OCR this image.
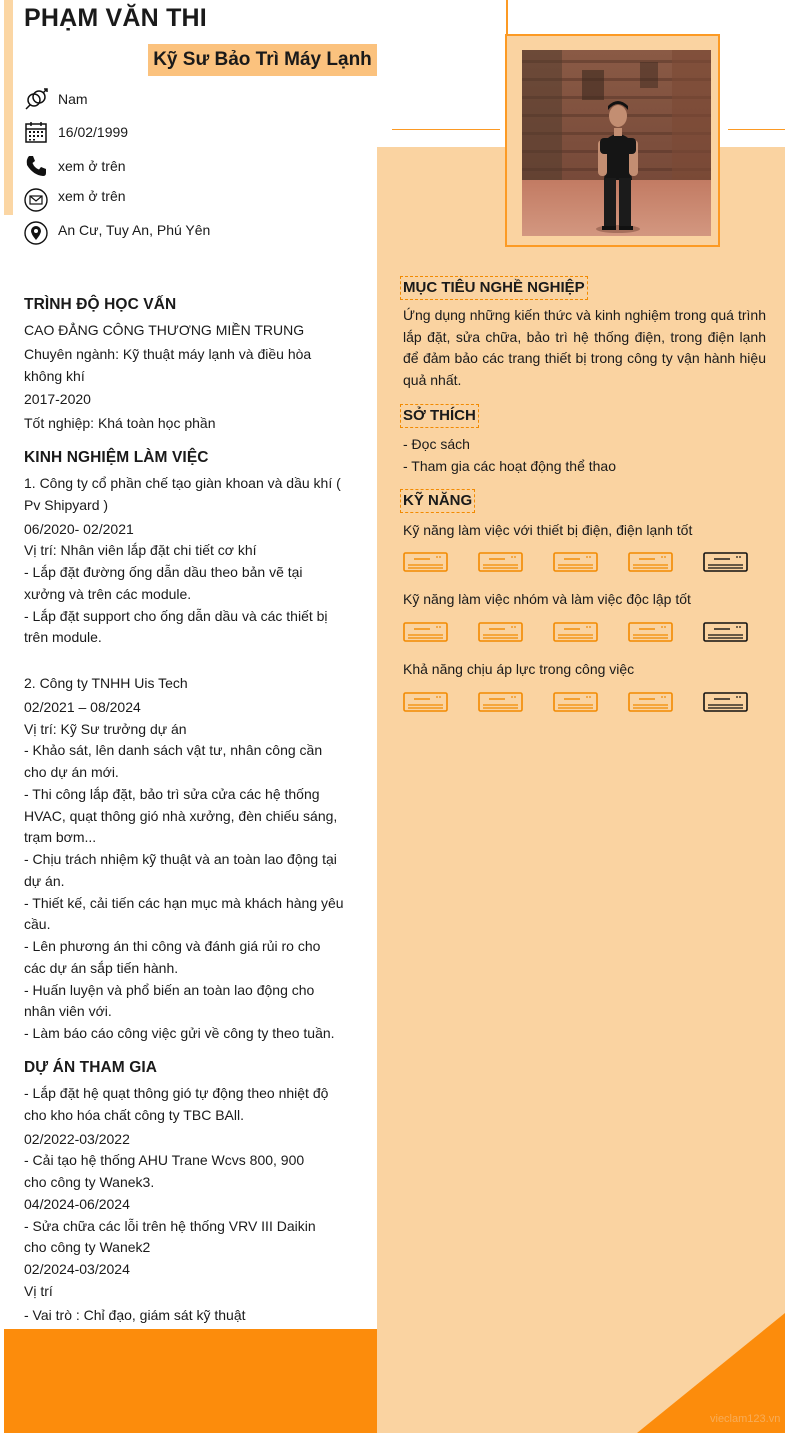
PHẠM VĂN THI
Kỹ Sư Bảo Trì Máy Lạnh
Nam
16/02/1999
xem ở trên
xem ở trên
An Cư, Tuy An, Phú Yên
TRÌNH ĐỘ HỌC VẤN

CAO ĐẲNG CÔNG THƯƠNG MIỀN TRUNG

Chuyên ngành: Kỹ thuật máy lạnh và điều hòa

không khí

2017-2020

Tốt nghiệp: Khá toàn học phần

KINH NGHIỆM LÀM VIỆC

1. Công ty cổ phần chế tạo giàn khoan và dầu khí (

Pv Shipyard )

06/2020- 02/2021

Vị trí: Nhân viên lắp đặt chi tiết cơ khí

- Lắp đặt đường ống dẫn dầu theo bản vẽ tại

xưởng và trên các module.

- Lắp đặt support cho ống dẫn dầu và các thiết bị

trên module.

2. Công ty TNHH Uis Tech

02/2021 – 08/2024

Vị trí: Kỹ Sư trưởng dự án

- Khảo sát, lên danh sách vật tư, nhân công cần

cho dự án mới.

- Thi công lắp đặt, bảo trì sửa cửa các hệ thống

HVAC, quạt thông gió nhà xưởng, đèn chiếu sáng,

trạm bơm...

- Chịu trách nhiệm kỹ thuật và an toàn lao động tại

dự án.

- Thiết kế, cải tiến các hạn mục mà khách hàng yêu

cầu.

- Lên phương án thi công và đánh giá rủi ro cho

các dự án sắp tiến hành.

- Huấn luyện và phổ biến an toàn lao động cho

nhân viên với.

- Làm báo cáo công việc gửi về công ty theo tuần.

DỰ ÁN THAM GIA

- Lắp đặt hệ quạt thông gió tự động theo nhiệt độ

cho kho hóa chất công ty TBC BAll.

02/2022-03/2022

- Cải tạo hệ thống AHU Trane Wcvs 800, 900

cho công ty Wanek3.

04/2024-06/2024

- Sửa chữa các lỗi trên hệ thống VRV III Daikin

cho công ty Wanek2

02/2024-03/2024

Vị trí

- Vai trò : Chỉ đạo, giám sát kỹ thuật

MỤC TIÊU NGHỀ NGHIỆP

Ứng dụng những kiến thức và kinh nghiệm trong quá trình lắp đặt, sửa chữa, bảo trì hệ thống điện, trong điện lạnh để đảm bảo các trang thiết bị trong công ty vận hành hiệu quả nhất.

SỞ THÍCH

- Đọc sách

- Tham gia các hoạt động thể thao

KỸ NĂNG

Kỹ năng làm việc với thiết bị điện, điện lạnh tốt

Kỹ năng làm việc nhóm và làm việc độc lập tốt

Khả năng chịu áp lực trong công việc

vieclam123.vn
